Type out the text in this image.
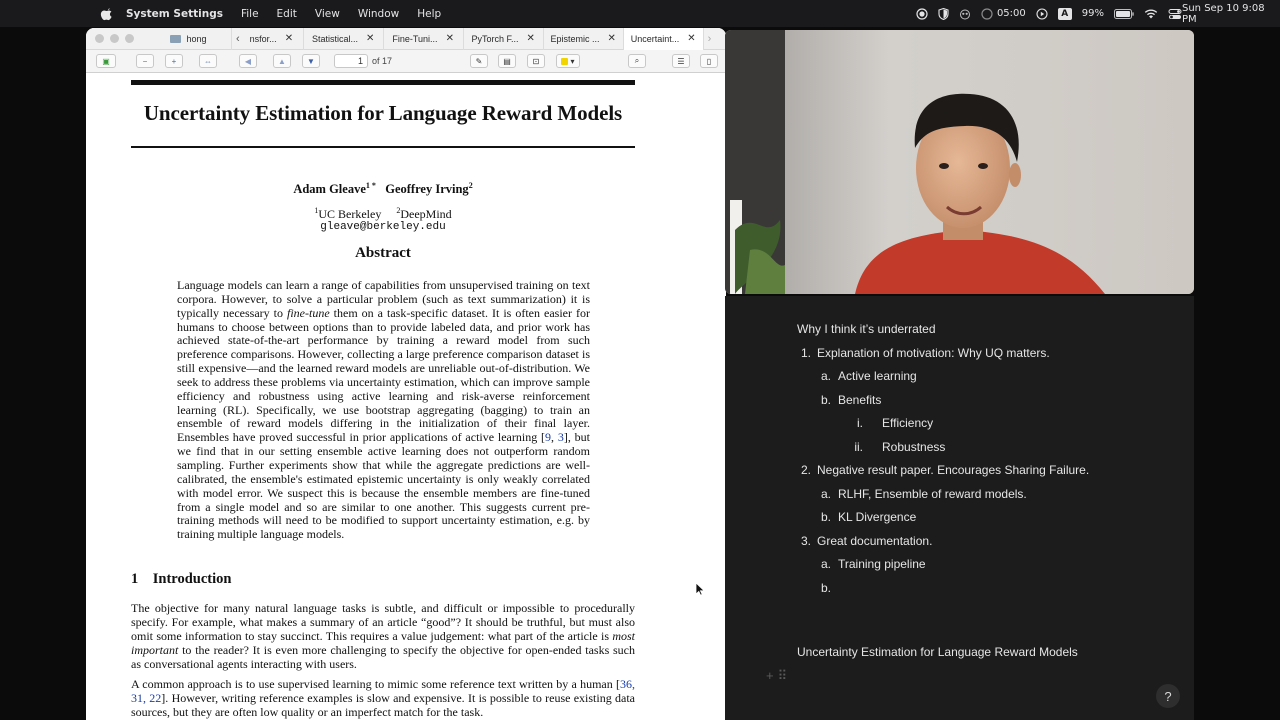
System Settings File Edit View Window Help	05:00	A	99%	Sun Sep 10 9:08 PM
hong	‹	nsfor... ✕ Statistical... ✕ Fine-Tuni... ✕ PyTorch F... ✕ Epistemic ... ✕ Uncertaint... ✕	›
▣	−	+	⇔	◀	▲	▼	1	of 17	✎	▤	⊡	▾	⌕	☰	▯
Uncertainty Estimation for Language Reward Models
Adam Gleave$^{1 *}$ Geoffrey Irving$^2$
$^1$UC Berkeley $^2$DeepMind
gleave@berkeley.edu
Abstract
Language models can learn a range of capabilities from unsupervised training on text corpora. However, to solve a particular problem (such as text summarization) it is typically necessary to fine-tune them on a task-specific dataset. It is often easier for humans to choose between options than to provide labeled data, and prior work has achieved state-of-the-art performance by training a reward model from such preference comparisons. However, collecting a large preference comparison dataset is still expensive—and the learned reward models are unreliable out-of-distribution. We seek to address these problems via uncertainty estimation, which can improve sample efficiency and robustness using active learning and risk-averse reinforcement learning (RL). Specifically, we use bootstrap aggregating (bagging) to train an ensemble of reward models differing in the initialization of their final layer. Ensembles have proved successful in prior applications of active learning [9, 3], but we find that in our setting ensemble active learning does not outperform random sampling. Further experiments show that while the aggregate predictions are well-calibrated, the ensemble's estimated epistemic uncertainty is only weakly correlated with model error. We suspect this is because the ensemble members are fine-tuned from a single model and so are similar to one another. This suggests current pre-training methods will need to be modified to support uncertainty estimation, e.g. by training multiple language models.
1    Introduction
The objective for many natural language tasks is subtle, and difficult or impossible to procedurally specify. For example, what makes a summary of an article “good”? It should be truthful, but must also omit some information to stay succinct. This requires a value judgement: what part of the article is most important to the reader? It is even more challenging to specify the objective for open-ended tasks such as conversational agents interacting with users.
A common approach is to use supervised learning to mimic some reference text written by a human [36, 31, 22]. However, writing reference examples is slow and expensive. It is possible to reuse existing data sources, but they are often low quality or an imperfect match for the task.
Why I think it’s underrated
1. Explanation of motivation: Why UQ matters.
a. Active learning
b. Benefits
i. Efficiency
ii. Robustness
2. Negative result paper. Encourages Sharing Failure.
a. RLHF, Ensemble of reward models.
b. KL Divergence
3. Great documentation.
a. Training pipeline
b.
Uncertainty Estimation for Language Reward Models
+⠿
?
